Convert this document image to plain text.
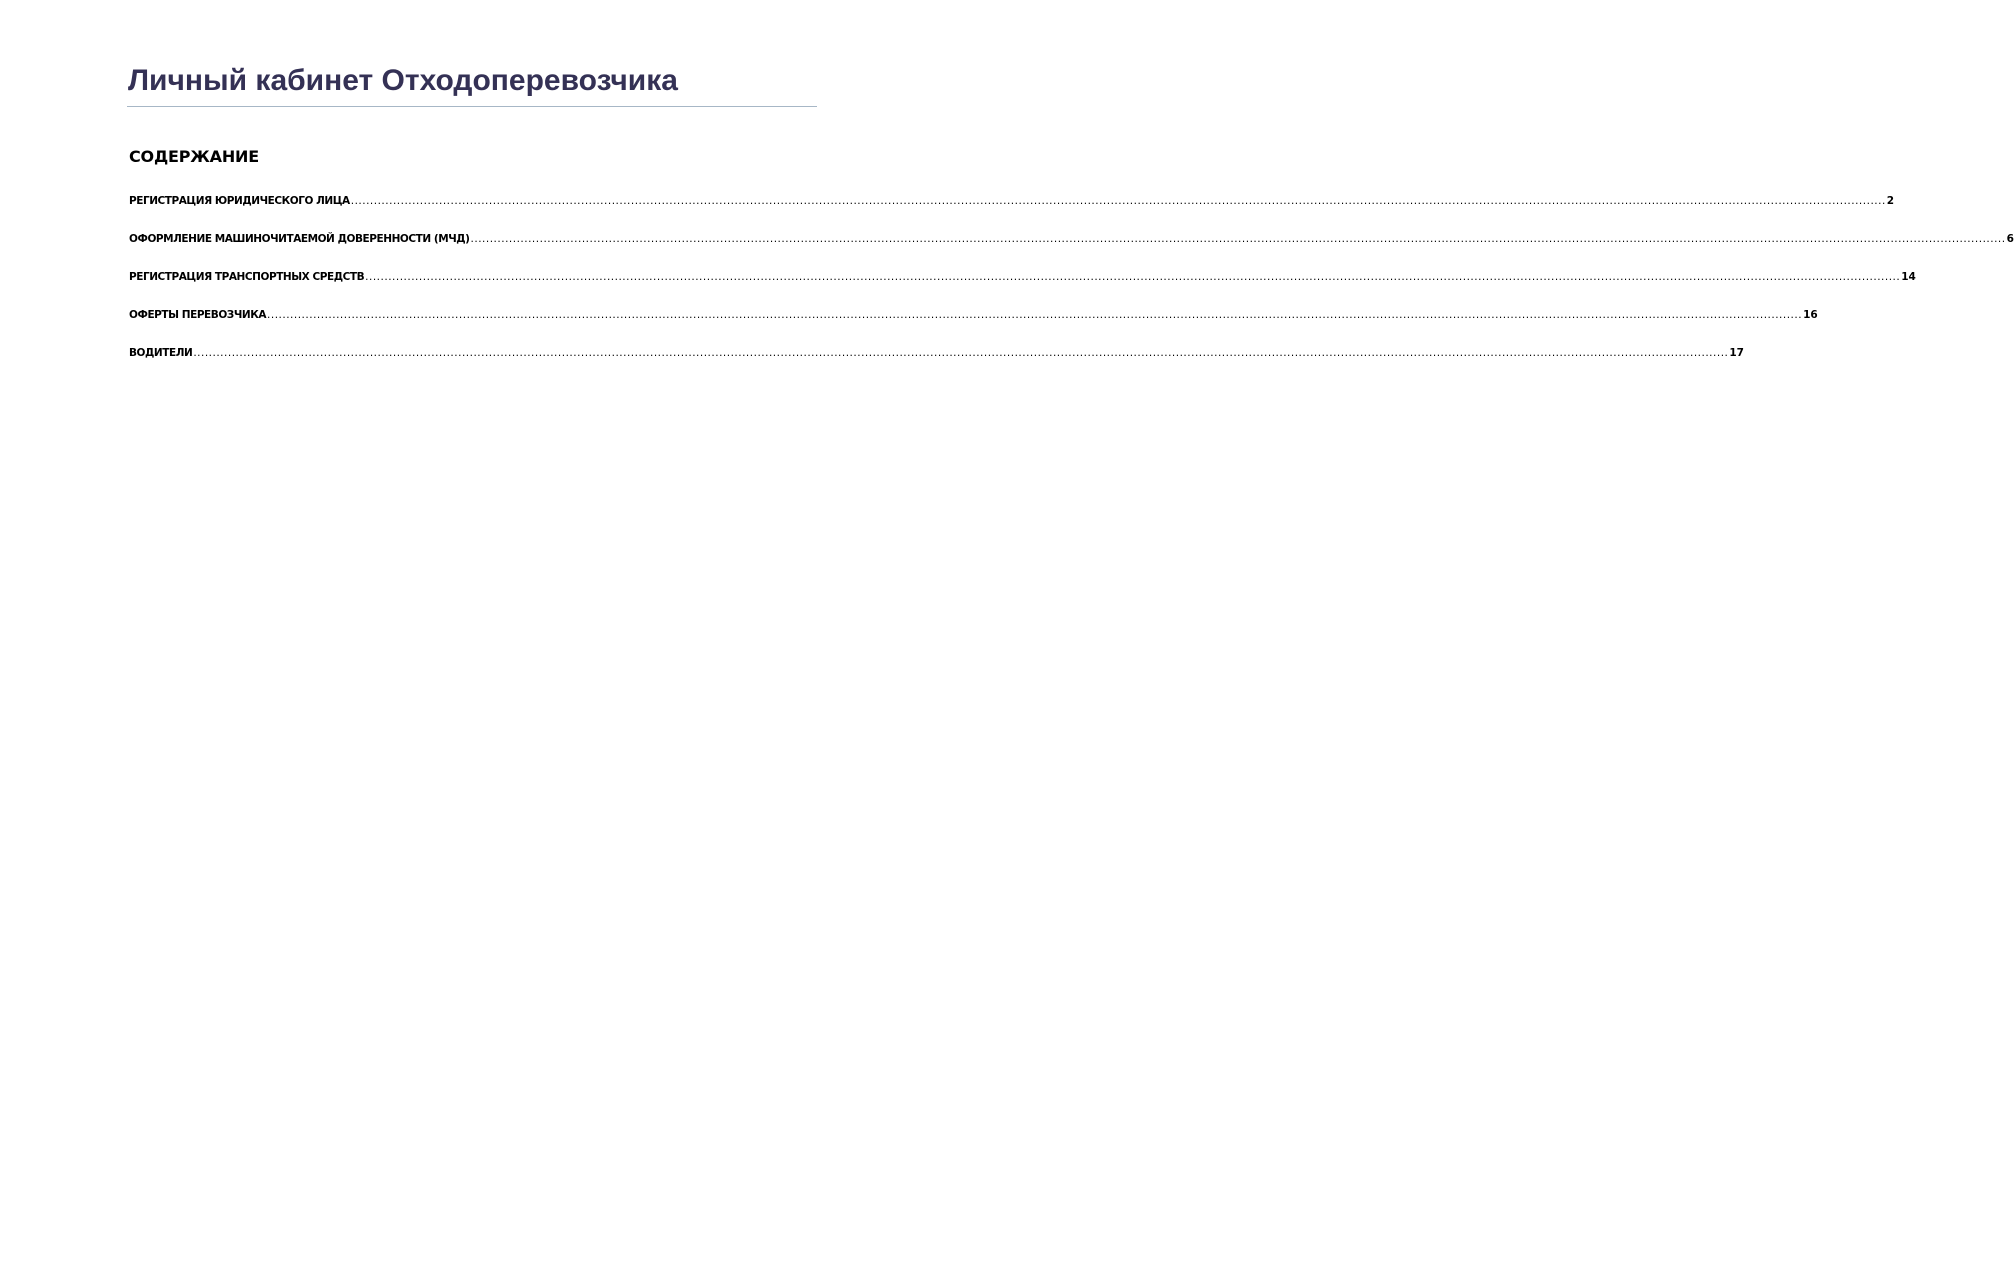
Личный кабинет Отходоперевозчика
СОДЕРЖАНИЕ
РЕГИСТРАЦИЯ ЮРИДИЧЕСКОГО ЛИЦА ................................................................................................................................................................................................................................................................................................................................................................................................................ 2
ОФОРМЛЕНИЕ МАШИНОЧИТАЕМОЙ ДОВЕРЕННОСТИ (МЧД) ................................................................................................................................................................................................................................................................................................................................................................................................................ 6
РЕГИСТРАЦИЯ ТРАНСПОРТНЫХ СРЕДСТВ ................................................................................................................................................................................................................................................................................................................................................................................................................ 14
ОФЕРТЫ ПЕРЕВОЗЧИКА ................................................................................................................................................................................................................................................................................................................................................................................................................ 16
ВОДИТЕЛИ ................................................................................................................................................................................................................................................................................................................................................................................................................ 17
